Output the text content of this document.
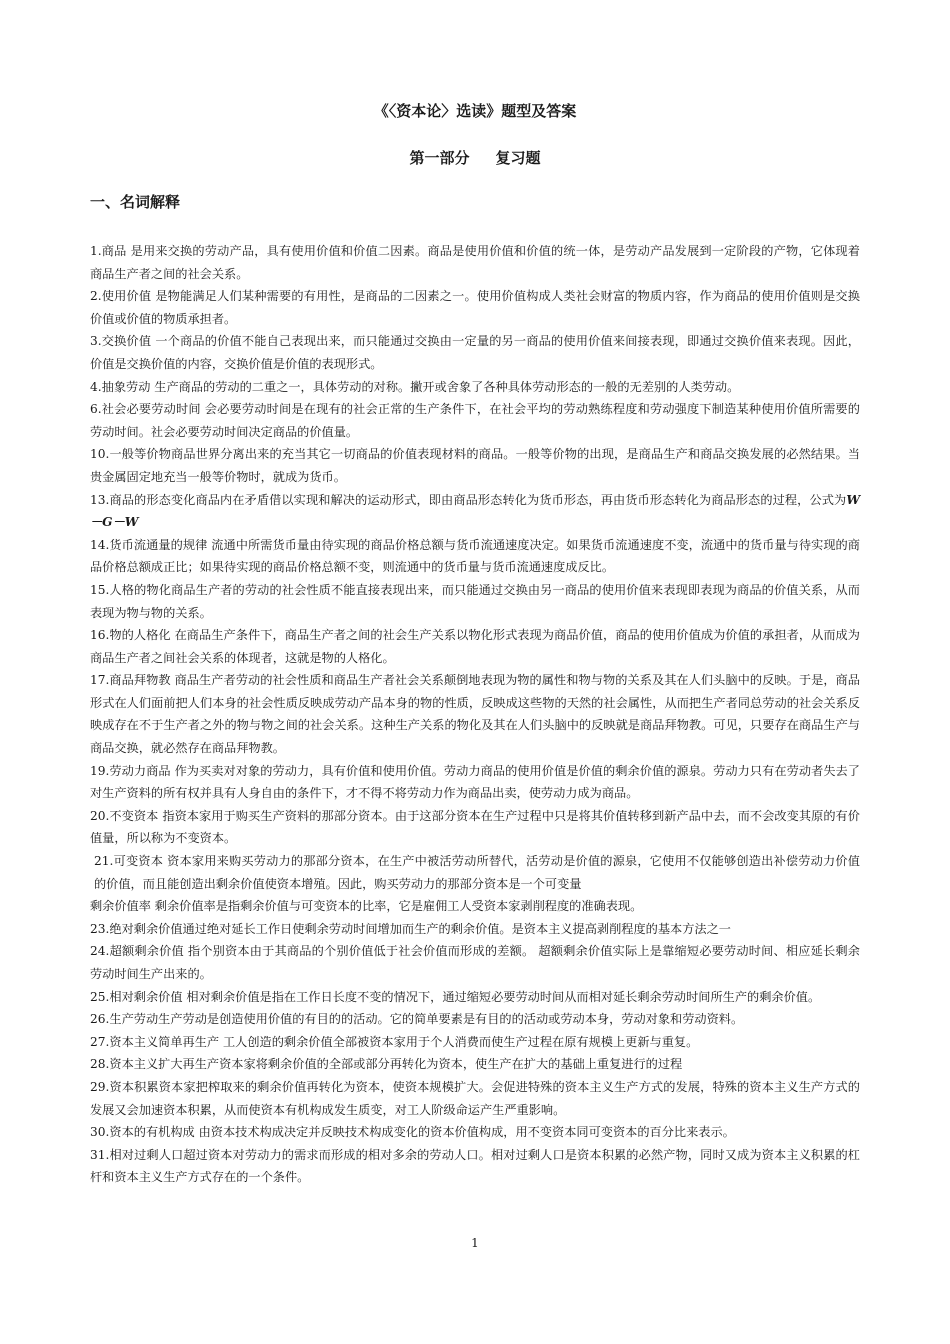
《〈资本论〉选读》题型及答案
第一部分 复习题
一、名词解释

1.商品 是用来交换的劳动产品，具有使用价值和价值二因素。商品是使用价值和价值的统一体，是劳动产品发展到一定阶段的产物，它体现着商品生产者之间的社会关系。

2.使用价值 是物能满足人们某种需要的有用性，是商品的二因素之一。使用价值构成人类社会财富的物质内容，作为商品的使用价值则是交换价值或价值的物质承担者。

3.交换价值 一个商品的价值不能自己表现出来，而只能通过交换由一定量的另一商品的使用价值来间接表现，即通过交换价值来表现。因此，价值是交换价值的内容，交换价值是价值的表现形式。

4.抽象劳动 生产商品的劳动的二重之一，具体劳动的对称。撇开或舍象了各种具体劳动形态的一般的无差别的人类劳动。

6.社会必要劳动时间 会必要劳动时间是在现有的社会正常的生产条件下，在社会平均的劳动熟练程度和劳动强度下制造某种使用价值所需要的劳动时间。社会必要劳动时间决定商品的价值量。

10.一般等价物商品世界分离出来的充当其它一切商品的价值表现材料的商品。一般等价物的出现，是商品生产和商品交换发展的必然结果。当贵金属固定地充当一般等价物时，就成为货币。

13.商品的形态变化商品内在矛盾借以实现和解决的运动形式，即由商品形态转化为货币形态，再由货币形态转化为商品形态的过程，公式为W－G－W

14.货币流通量的规律 流通中所需货币量由待实现的商品价格总额与货币流通速度决定。如果货币流通速度不变，流通中的货币量与待实现的商品价格总额成正比；如果待实现的商品价格总额不变，则流通中的货币量与货币流通速度成反比。

15.人格的物化商品生产者的劳动的社会性质不能直接表现出来，而只能通过交换由另一商品的使用价值来表现即表现为商品的价值关系，从而表现为物与物的关系。

16.物的人格化 在商品生产条件下，商品生产者之间的社会生产关系以物化形式表现为商品价值，商品的使用价值成为价值的承担者，从而成为商品生产者之间社会关系的体现者，这就是物的人格化。

17.商品拜物教 商品生产者劳动的社会性质和商品生产者社会关系颠倒地表现为物的属性和物与物的关系及其在人们头脑中的反映。于是，商品形式在人们面前把人们本身的社会性质反映成劳动产品本身的物的性质，反映成这些物的天然的社会属性，从而把生产者同总劳动的社会关系反映成存在不于生产者之外的物与物之间的社会关系。这种生产关系的物化及其在人们头脑中的反映就是商品拜物教。可见，只要存在商品生产与商品交换，就必然存在商品拜物教。

19.劳动力商品 作为买卖对对象的劳动力，具有价值和使用价值。劳动力商品的使用价值是价值的剩余价值的源泉。劳动力只有在劳动者失去了对生产资料的所有权并具有人身自由的条件下，才不得不将劳动力作为商品出卖，使劳动力成为商品。

20.不变资本 指资本家用于购买生产资料的那部分资本。由于这部分资本在生产过程中只是将其价值转移到新产品中去，而不会改变其原的有价值量，所以称为不变资本。

21.可变资本 资本家用来购买劳动力的那部分资本，在生产中被活劳动所替代，活劳动是价值的源泉，它使用不仅能够创造出补偿劳动力价值的价值，而且能创造出剩余价值使资本增殖。因此，购买劳动力的那部分资本是一个可变量

剩余价值率 剩余价值率是指剩余价值与可变资本的比率，它是雇佣工人受资本家剥削程度的准确表现。

23.绝对剩余价值通过绝对延长工作日使剩余劳动时间增加而生产的剩余价值。是资本主义提高剥削程度的基本方法之一

24.超额剩余价值 指个别资本由于其商品的个别价值低于社会价值而形成的差额。 超额剩余价值实际上是靠缩短必要劳动时间、相应延长剩余劳动时间生产出来的。

25.相对剩余价值 相对剩余价值是指在工作日长度不变的情况下，通过缩短必要劳动时间从而相对延长剩余劳动时间所生产的剩余价值。

26.生产劳动生产劳动是创造使用价值的有目的的活动。它的简单要素是有目的的活动或劳动本身，劳动对象和劳动资料。

27.资本主义简单再生产 工人创造的剩余价值全部被资本家用于个人消费而使生产过程在原有规模上更新与重复。

28.资本主义扩大再生产资本家将剩余价值的全部或部分再转化为资本，使生产在扩大的基础上重复进行的过程

29.资本积累资本家把榨取来的剩余价值再转化为资本，使资本规模扩大。会促进特殊的资本主义生产方式的发展，特殊的资本主义生产方式的发展又会加速资本积累，从而使资本有机构成发生质变，对工人阶级命运产生严重影响。

30.资本的有机构成 由资本技术构成决定并反映技术构成变化的资本价值构成，用不变资本同可变资本的百分比来表示。

31.相对过剩人口超过资本对劳动力的需求而形成的相对多余的劳动人口。相对过剩人口是资本积累的必然产物，同时又成为资本主义积累的杠杆和资本主义生产方式存在的一个条件。

1
